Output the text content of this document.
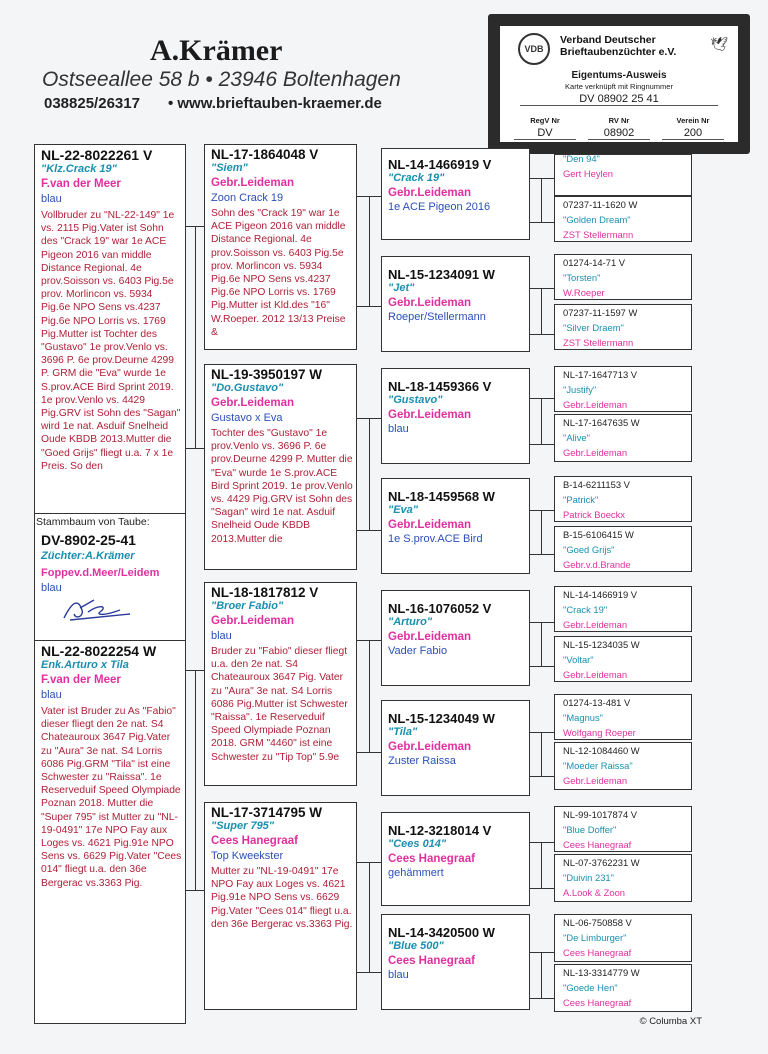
A.Krämer
Ostseeallee 58 b • 23946 Boltenhagen
038825/26317 • www.brieftauben-kraemer.de
VDB
Verband Deutscher
Brieftaubenzüchter e.V. 🕊
Eigentums-Ausweis
Karte verknüpft mit Ringnummer
DV 08902 25 41
RegV Nr
DV
RV Nr
08902
Verein Nr
200
NL-22-8022261 V
"Klz.Crack 19"
F.van der Meer
blau
Vollbruder zu "NL-22-149" 1e vs. 2115 Pig.Vater ist Sohn des "Crack 19" war 1e ACE Pigeon 2016 van middle Distance Regional. 4e prov.Soisson vs. 6403 Pig.5e prov. Morlincon vs. 5934 Pig.6e NPO Sens vs.4237 Pig.6e NPO Lorris vs. 1769 Pig.Mutter ist Tochter des "Gustavo" 1e prov.Venlo vs. 3696 P. 6e prov.Deurne 4299 P. GRM die "Eva" wurde 1e S.prov.ACE Bird Sprint 2019. 1e prov.Venlo vs. 4429 Pig.GRV ist Sohn des "Sagan" wird 1e nat. Asduif Snelheid Oude KBDB 2013.Mutter die "Goed Grijs" fliegt u.a. 7 x 1e Preis. So den
DV-8902-25-41
Züchter:A.Krämer
Foppev.d.Meer/Leidem
blau
Stammbaum von Taube:
NL-22-8022254 W
Enk.Arturo x Tila
F.van der Meer
blau
Vater ist Bruder zu As "Fabio" dieser fliegt den 2e nat. S4 Chateauroux 3647 Pig.Vater zu "Aura" 3e nat. S4 Lorris 6086 Pig.GRM "Tila" ist eine Schwester zu "Raissa". 1e Reserveduif Speed Olympiade Poznan 2018. Mutter die "Super 795" ist Mutter zu "NL-19-0491" 17e NPO Fay aux Loges vs. 4621 Pig.91e NPO Sens vs. 6629 Pig.Vater "Cees 014" fliegt u.a. den 36e Bergerac vs.3363 Pig.
NL-17-1864048 V
"Siem"
Gebr.Leideman
Zoon Crack 19
Sohn des "Crack 19" war 1e ACE Pigeon 2016 van middle Distance Regional. 4e prov.Soisson vs. 6403 Pig.5e prov. Morlincon vs. 5934 Pig.6e NPO Sens vs.4237 Pig.6e NPO Lorris vs. 1769 Pig.Mutter ist Kld.des "16" W.Roeper. 2012 13/13 Preise &
NL-19-3950197 W
"Do.Gustavo"
Gebr.Leideman
Gustavo x Eva
Tochter des "Gustavo" 1e prov.Venlo vs. 3696 P. 6e prov.Deurne 4299 P. Mutter die "Eva" wurde 1e S.prov.ACE Bird Sprint 2019. 1e prov.Venlo vs. 4429 Pig.GRV ist Sohn des "Sagan" wird 1e nat. Asduif Snelheid Oude KBDB 2013.Mutter die
NL-18-1817812 V
"Broer Fabio"
Gebr.Leideman
blau
Bruder zu "Fabio" dieser fliegt u.a. den 2e nat. S4 Chateauroux 3647 Pig. Vater zu "Aura" 3e nat. S4 Lorris 6086 Pig.Mutter ist Schwester "Raissa". 1e Reserveduif Speed Olympiade Poznan 2018. GRM "4460" ist eine Schwester zu "Tip Top" 5.9e
NL-17-3714795 W
"Super 795"
Cees Hanegraaf
Top Kweekster
Mutter zu "NL-19-0491" 17e NPO Fay aux Loges vs. 4621 Pig.91e NPO Sens vs. 6629 Pig.Vater "Cees 014" fliegt u.a. den 36e Bergerac vs.3363 Pig.
NL-14-1466919 V
"Crack 19"
Gebr.Leideman
1e ACE Pigeon 2016
NL-15-1234091 W
"Jet"
Gebr.Leideman
Roeper/Stellermann
NL-18-1459366 V
"Gustavo"
Gebr.Leideman
blau
NL-18-1459568 W
"Eva"
Gebr.Leideman
1e S.prov.ACE Bird
NL-16-1076052 V
"Arturo"
Gebr.Leideman
Vader Fabio
NL-15-1234049 W
"Tila"
Gebr.Leideman
Zuster Raissa
NL-12-3218014 V
"Cees 014"
Cees Hanegraaf
gehämmert
NL-14-3420500 W
"Blue 500"
Cees Hanegraaf
blau
"Den 94"
Gert Heylen
07237-11-1620 W
"Golden Dream"
ZST Stellermann
01274-14-71 V
"Torsten"
W.Roeper
07237-11-1597 W
"Silver Draem"
ZST Stellermann
NL-17-1647713 V
"Justify"
Gebr.Leideman
NL-17-1647635 W
"Alive"
Gebr.Leideman
B-14-6211153 V
"Patrick"
Patrick Boeckx
B-15-6106415 W
"Goed Grijs"
Gebr.v.d.Brande
NL-14-1466919 V
"Crack 19"
Gebr.Leideman
NL-15-1234035 W
"Voltar"
Gebr.Leideman
01274-13-481 V
"Magnus"
Wolfgang Roeper
NL-12-1084460 W
"Moeder Raissa"
Gebr.Leideman
NL-99-1017874 V
"Blue Doffer"
Cees Hanegraaf
NL-07-3762231 W
"Duivin 231"
A.Look & Zoon
NL-06-750858 V
"De Limburger"
Cees Hanegraaf
NL-13-3314779 W
"Goede Hen"
Cees Hanegraaf
© Columba XT
